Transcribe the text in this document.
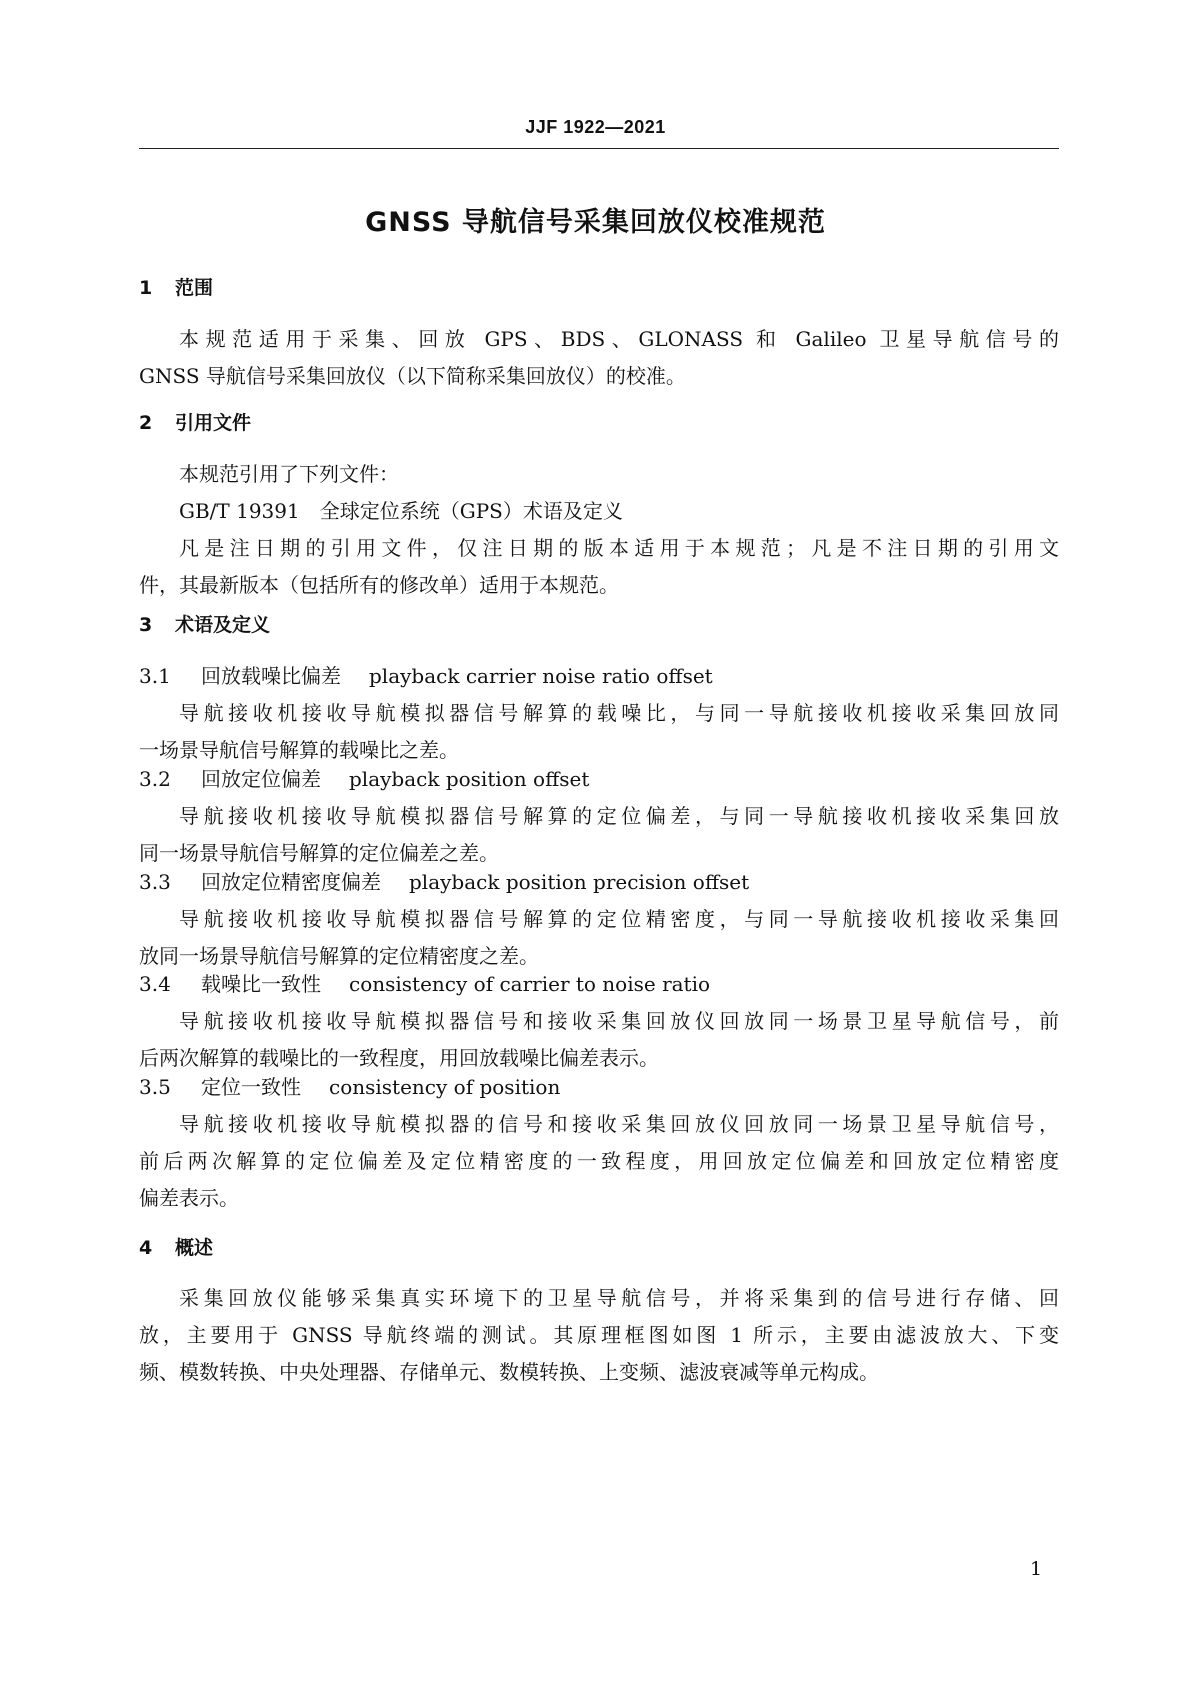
JJF 1922—2021
GNSS 导航信号采集回放仪校准规范
1 范围
本规范适用于采集、回放 GPS、BDS、GLONASS 和 Galileo 卫星导航信号的
GNSS 导航信号采集回放仪（以下简称采集回放仪）的校准。
2 引用文件
本规范引用了下列文件：
GB/T 19391　全球定位系统（GPS）术语及定义
凡是注日期的引用文件，仅注日期的版本适用于本规范；凡是不注日期的引用文
件，其最新版本（包括所有的修改单）适用于本规范。
3 术语及定义
3.1 回放载噪比偏差 playback carrier noise ratio offset
导航接收机接收导航模拟器信号解算的载噪比，与同一导航接收机接收采集回放同
一场景导航信号解算的载噪比之差。
3.2 回放定位偏差 playback position offset
导航接收机接收导航模拟器信号解算的定位偏差，与同一导航接收机接收采集回放
同一场景导航信号解算的定位偏差之差。
3.3 回放定位精密度偏差 playback position precision offset
导航接收机接收导航模拟器信号解算的定位精密度，与同一导航接收机接收采集回
放同一场景导航信号解算的定位精密度之差。
3.4 载噪比一致性 consistency of carrier to noise ratio
导航接收机接收导航模拟器信号和接收采集回放仪回放同一场景卫星导航信号，前
后两次解算的载噪比的一致程度，用回放载噪比偏差表示。
3.5 定位一致性 consistency of position
导航接收机接收导航模拟器的信号和接收采集回放仪回放同一场景卫星导航信号，
前后两次解算的定位偏差及定位精密度的一致程度，用回放定位偏差和回放定位精密度
偏差表示。
4 概述
采集回放仪能够采集真实环境下的卫星导航信号，并将采集到的信号进行存储、回
放，主要用于 GNSS 导航终端的测试。其原理框图如图 1 所示，主要由滤波放大、下变
频、模数转换、中央处理器、存储单元、数模转换、上变频、滤波衰减等单元构成。
1
